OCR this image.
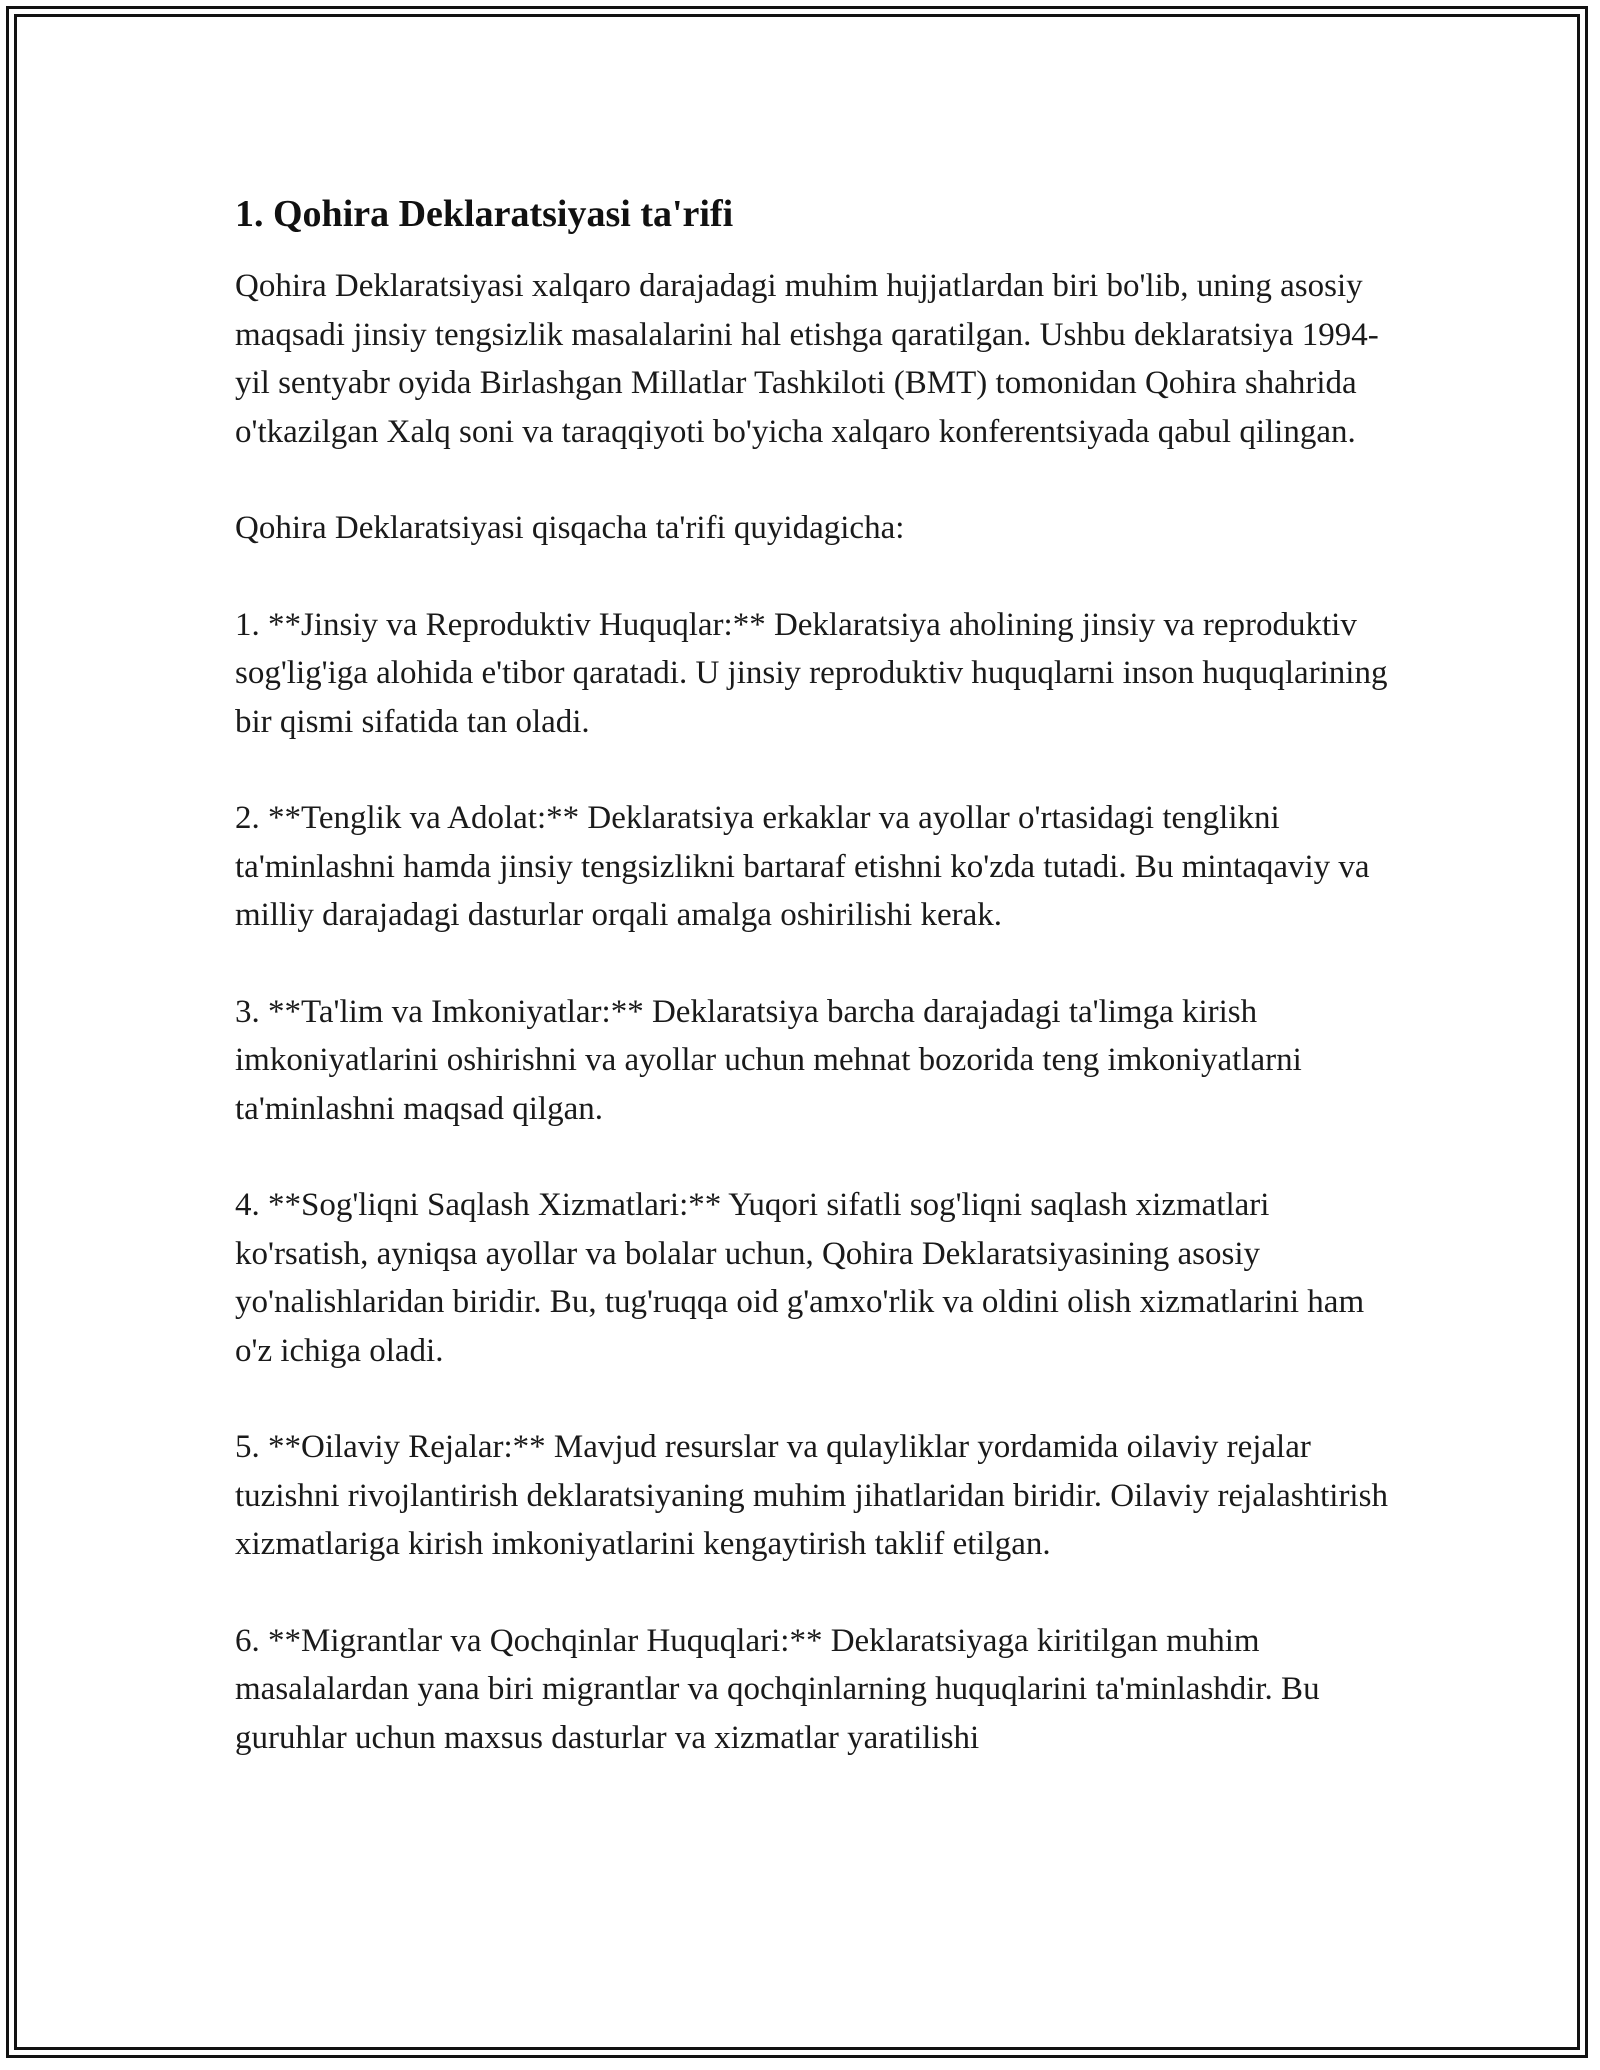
1. Qohira Deklaratsiyasi ta'rifi

Qohira Deklaratsiyasi xalqaro darajadagi muhim hujjatlardan biri bo'lib, uning asosiy maqsadi jinsiy tengsizlik masalalarini hal etishga qaratilgan. Ushbu deklaratsiya 1994-yil sentyabr oyida Birlashgan Millatlar Tashkiloti (BMT) tomonidan Qohira shahrida o'tkazilgan Xalq soni va taraqqiyoti bo'yicha xalqaro konferentsiyada qabul qilingan.

Qohira Deklaratsiyasi qisqacha ta'rifi quyidagicha:

1. **Jinsiy va Reproduktiv Huquqlar:** Deklaratsiya aholining jinsiy va reproduktiv sog'lig'iga alohida e'tibor qaratadi. U jinsiy reproduktiv huquqlarni inson huquqlarining bir qismi sifatida tan oladi.

2. **Tenglik va Adolat:** Deklaratsiya erkaklar va ayollar o'rtasidagi tenglikni ta'minlashni hamda jinsiy tengsizlikni bartaraf etishni ko'zda tutadi. Bu mintaqaviy va milliy darajadagi dasturlar orqali amalga oshirilishi kerak.

3. **Ta'lim va Imkoniyatlar:** Deklaratsiya barcha darajadagi ta'limga kirish imkoniyatlarini oshirishni va ayollar uchun mehnat bozorida teng imkoniyatlarni ta'minlashni maqsad qilgan.

4. **Sog'liqni Saqlash Xizmatlari:** Yuqori sifatli sog'liqni saqlash xizmatlari ko'rsatish, ayniqsa ayollar va bolalar uchun, Qohira Deklaratsiyasining asosiy yo'nalishlaridan biridir. Bu, tug'ruqqa oid g'amxo'rlik va oldini olish xizmatlarini ham o'z ichiga oladi.

5. **Oilaviy Rejalar:** Mavjud resurslar va qulayliklar yordamida oilaviy rejalar tuzishni rivojlantirish deklaratsiyaning muhim jihatlaridan biridir. Oilaviy rejalashtirish xizmatlariga kirish imkoniyatlarini kengaytirish taklif etilgan.

6. **Migrantlar va Qochqinlar Huquqlari:** Deklaratsiyaga kiritilgan muhim masalalardan yana biri migrantlar va qochqinlarning huquqlarini ta'minlashdir. Bu guruhlar uchun maxsus dasturlar va xizmatlar yaratilishi
